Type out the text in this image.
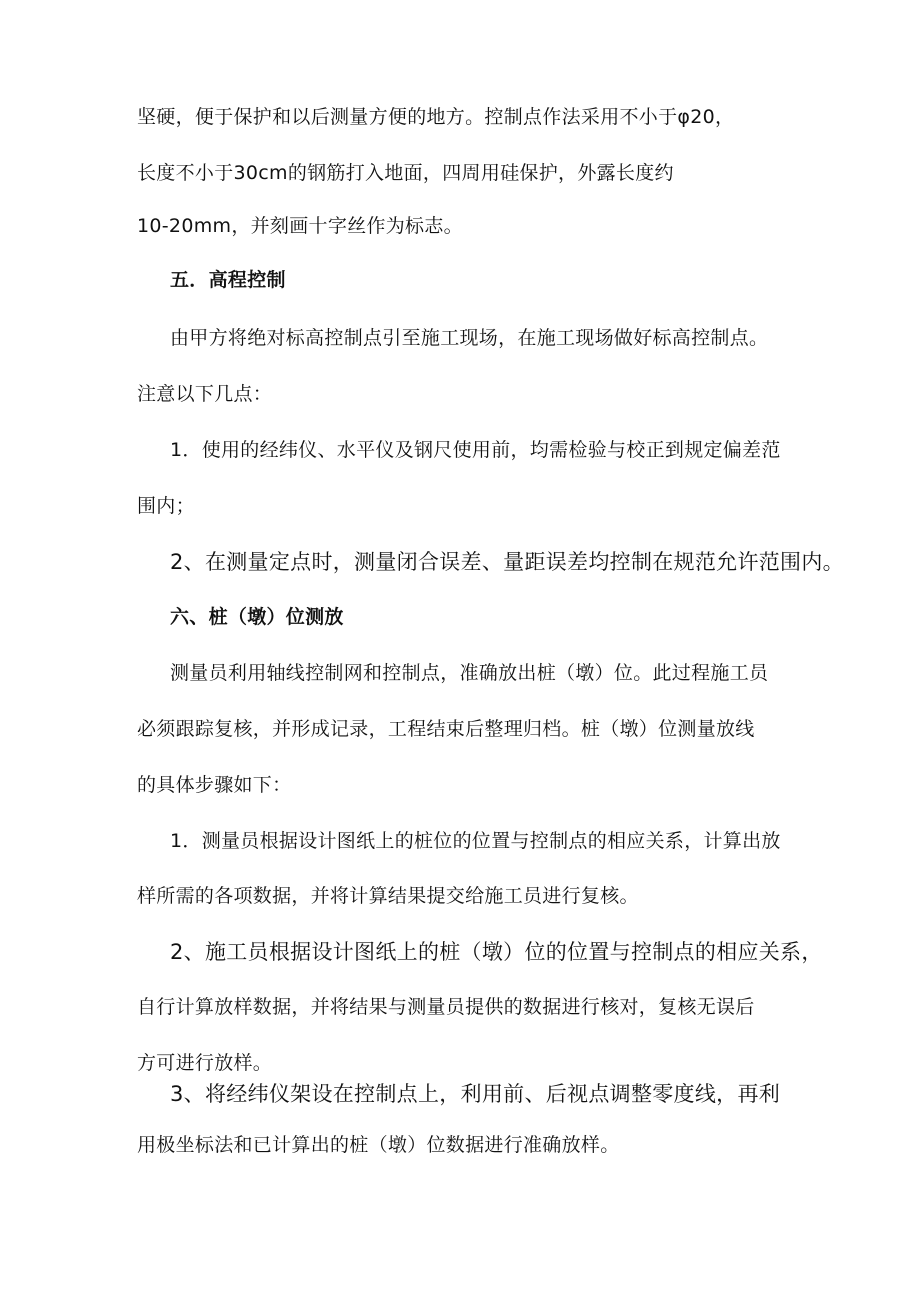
坚硬，便于保护和以后测量方便的地方。控制点作法采用不小于φ20，
长度不小于30cm的钢筋打入地面，四周用硅保护，外露长度约
10-20mm，并刻画十字丝作为标志。
五．高程控制
由甲方将绝对标高控制点引至施工现场，在施工现场做好标高控制点。
注意以下几点：
1．使用的经纬仪、水平仪及钢尺使用前，均需检验与校正到规定偏差范
围内；
2、在测量定点时，测量闭合误差、量距误差均控制在规范允许范围内。
六、桩（墩）位测放
测量员利用轴线控制网和控制点，准确放出桩（墩）位。此过程施工员
必须跟踪复核，并形成记录，工程结束后整理归档。桩（墩）位测量放线
的具体步骤如下：
1．测量员根据设计图纸上的桩位的位置与控制点的相应关系，计算出放
样所需的各项数据，并将计算结果提交给施工员进行复核。
2、施工员根据设计图纸上的桩（墩）位的位置与控制点的相应关系，
自行计算放样数据，并将结果与测量员提供的数据进行核对，复核无误后
方可进行放样。
3、将经纬仪架设在控制点上，利用前、后视点调整零度线，再利
用极坐标法和已计算出的桩（墩）位数据进行准确放样。
